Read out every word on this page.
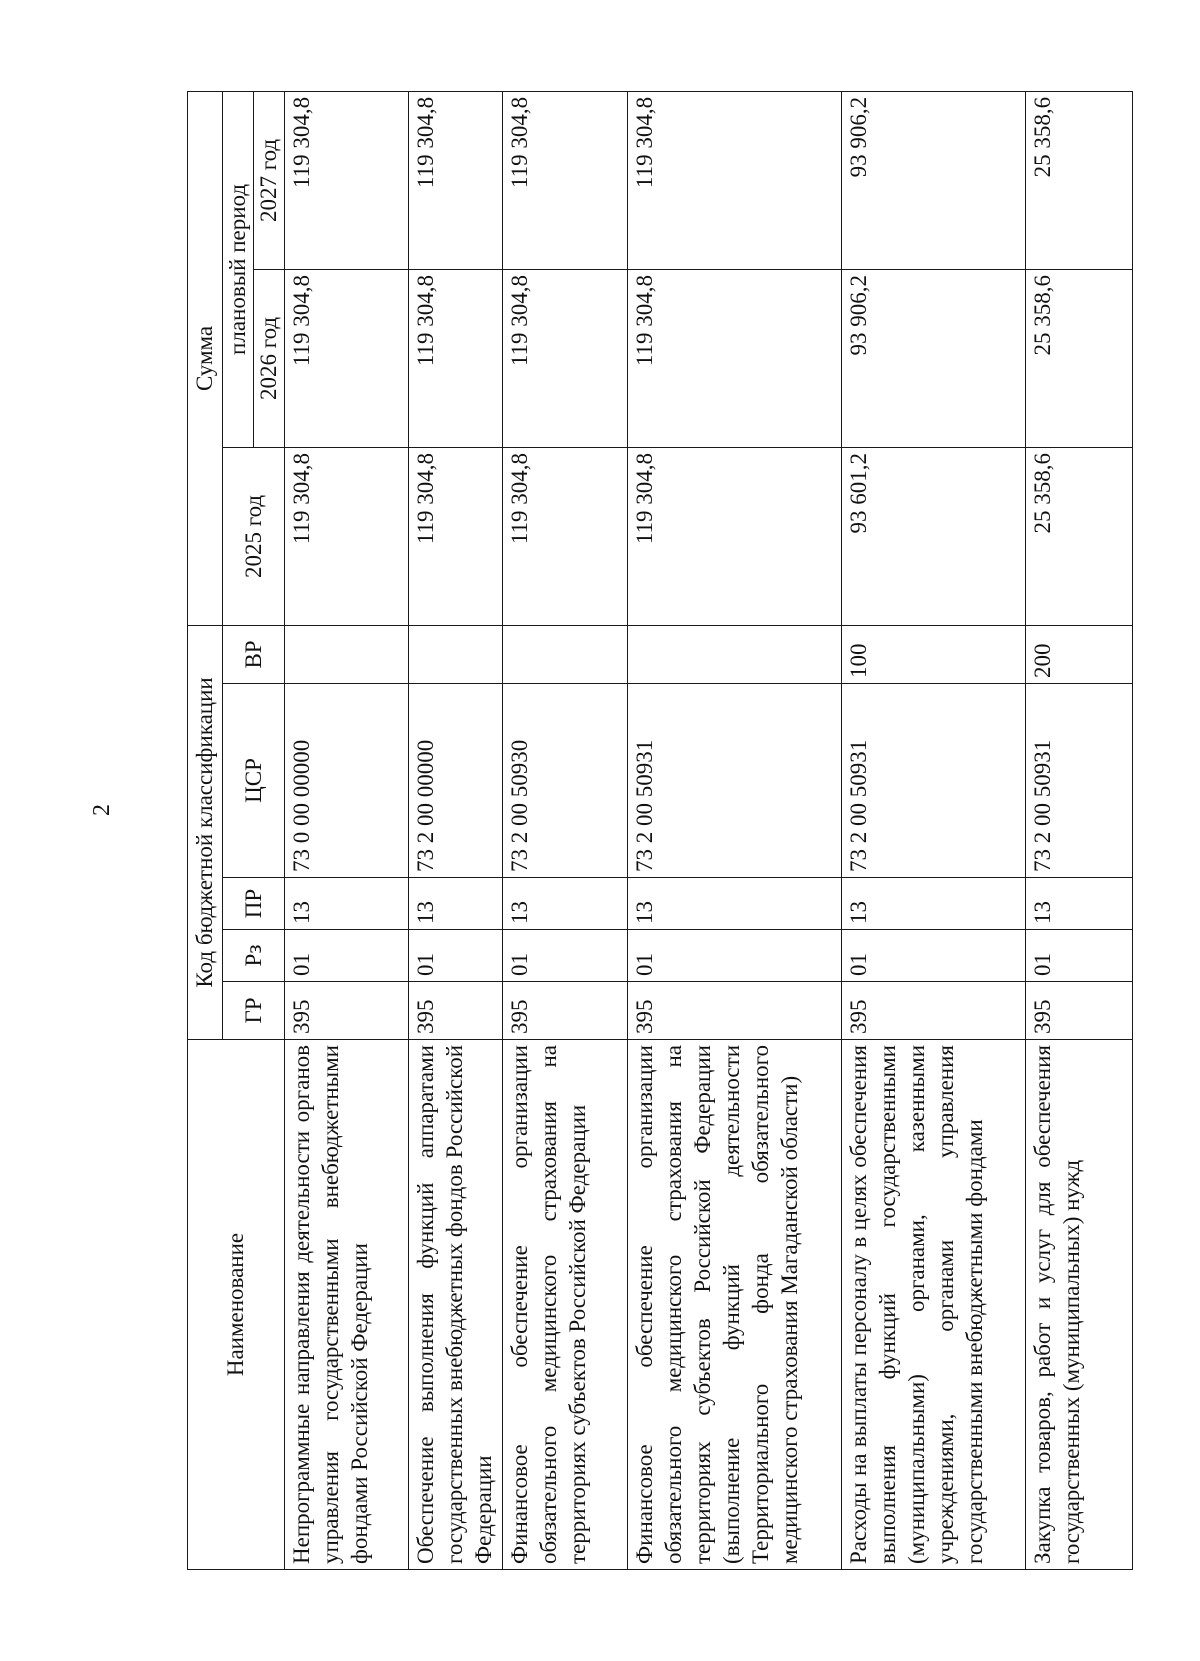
2
Наименование	Код бюджетной классификации					Сумма		
	ГР	Рз	ПР	ЦСР	ВР	2025 год	плановый период	
							2026 год	2027 год
Непрограммные направления деятельности органов управления государственными внебюджетными фондами Российской Федерации	395	01	13	73 0 00 00000		119 304,8	119 304,8	119 304,8
Обеспечение выполнения функций аппаратами государственных внебюджетных фондов Российской Федерации	395	01	13	73 2 00 00000		119 304,8	119 304,8	119 304,8
Финансовое обеспечение организации обязательного медицинского страхования на территориях субъектов Российской Федерации	395	01	13	73 2 00 50930		119 304,8	119 304,8	119 304,8
Финансовое обеспечение организации обязательного медицинского страхования на территориях субъектов Российской Федерации (выполнение функций деятельности Территориального фонда обязательного медицинского страхования Магаданской области)	395	01	13	73 2 00 50931		119 304,8	119 304,8	119 304,8
Расходы на выплаты персоналу в целях обеспечения выполнения функций государственными (муниципальными) органами, казенными учреждениями, органами управления государственными внебюджетными фондами	395	01	13	73 2 00 50931	100	93 601,2	93 906,2	93 906,2
Закупка товаров, работ и услуг для обеспечения государственных (муниципальных) нужд	395	01	13	73 2 00 50931	200	25 358,6	25 358,6	25 358,6
